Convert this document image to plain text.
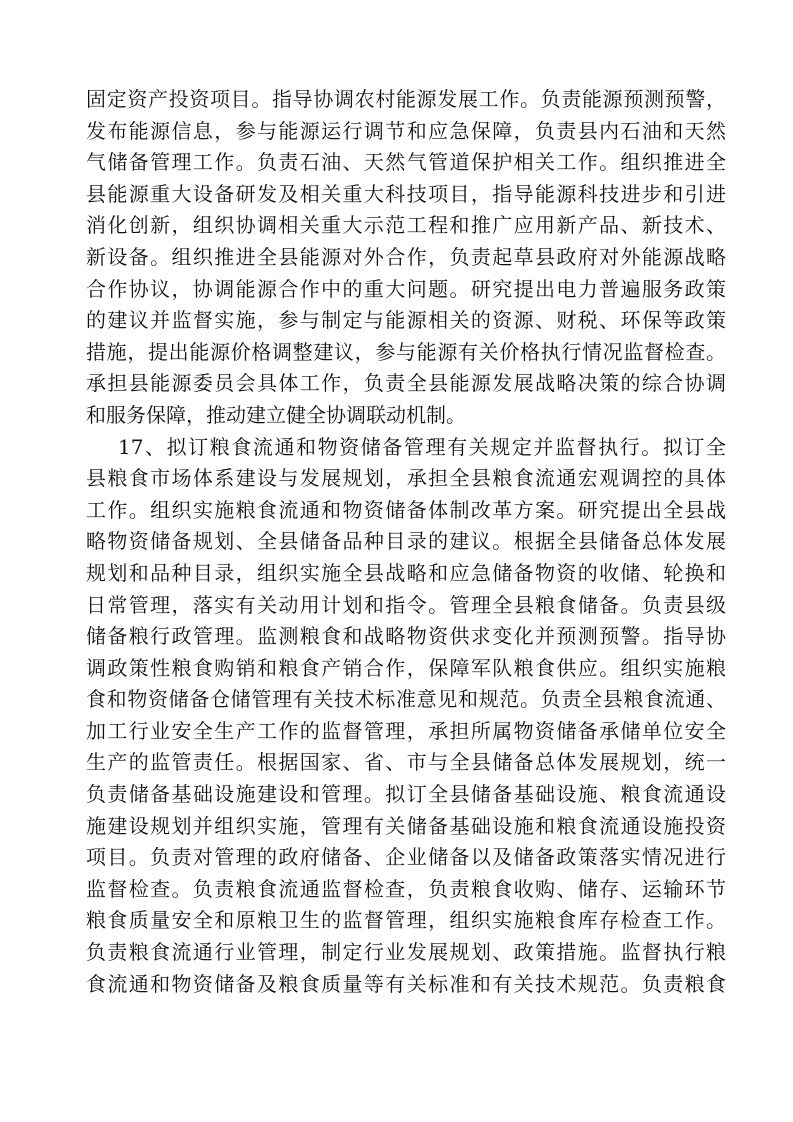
固定资产投资项目。指导协调农村能源发展工作。负责能源预测预警，
发布能源信息，参与能源运行调节和应急保障，负责县内石油和天然
气储备管理工作。负责石油、天然气管道保护相关工作。组织推进全
县能源重大设备研发及相关重大科技项目，指导能源科技进步和引进
消化创新，组织协调相关重大示范工程和推广应用新产品、新技术、
新设备。组织推进全县能源对外合作，负责起草县政府对外能源战略
合作协议，协调能源合作中的重大问题。研究提出电力普遍服务政策
的建议并监督实施，参与制定与能源相关的资源、财税、环保等政策
措施，提出能源价格调整建议，参与能源有关价格执行情况监督检查。
承担县能源委员会具体工作，负责全县能源发展战略决策的综合协调
和服务保障，推动建立健全协调联动机制。
17、拟订粮食流通和物资储备管理有关规定并监督执行。拟订全
县粮食市场体系建设与发展规划，承担全县粮食流通宏观调控的具体
工作。组织实施粮食流通和物资储备体制改革方案。研究提出全县战
略物资储备规划、全县储备品种目录的建议。根据全县储备总体发展
规划和品种目录，组织实施全县战略和应急储备物资的收储、轮换和
日常管理，落实有关动用计划和指令。管理全县粮食储备。负责县级
储备粮行政管理。监测粮食和战略物资供求变化并预测预警。指导协
调政策性粮食购销和粮食产销合作，保障军队粮食供应。组织实施粮
食和物资储备仓储管理有关技术标准意见和规范。负责全县粮食流通、
加工行业安全生产工作的监督管理，承担所属物资储备承储单位安全
生产的监管责任。根据国家、省、市与全县储备总体发展规划，统一
负责储备基础设施建设和管理。拟订全县储备基础设施、粮食流通设
施建设规划并组织实施，管理有关储备基础设施和粮食流通设施投资
项目。负责对管理的政府储备、企业储备以及储备政策落实情况进行
监督检查。负责粮食流通监督检查，负责粮食收购、储存、运输环节
粮食质量安全和原粮卫生的监督管理，组织实施粮食库存检查工作。
负责粮食流通行业管理，制定行业发展规划、政策措施。监督执行粮
食流通和物资储备及粮食质量等有关标准和有关技术规范。负责粮食
